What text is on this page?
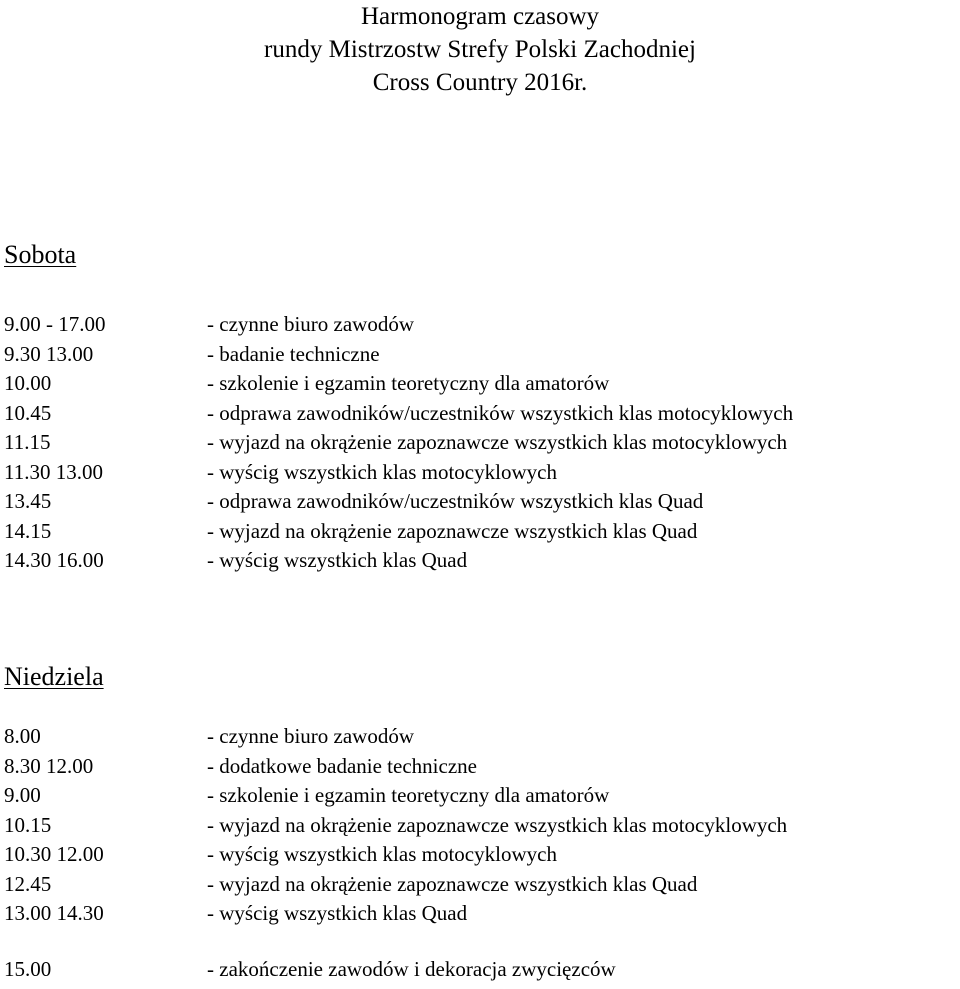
Harmonogram czasowy
rundy Mistrzostw Strefy Polski Zachodniej
Cross Country 2016r.
Sobota
9.00 - 17.00	- czynne biuro zawodów
9.30 13.00	- badanie techniczne
10.00	- szkolenie i egzamin teoretyczny dla amatorów
10.45	- odprawa zawodników/uczestników wszystkich klas motocyklowych
11.15	- wyjazd na okrążenie zapoznawcze wszystkich klas motocyklowych
11.30 13.00	- wyścig wszystkich klas motocyklowych
13.45	- odprawa zawodników/uczestników wszystkich klas Quad
14.15	- wyjazd na okrążenie zapoznawcze wszystkich klas Quad
14.30 16.00	- wyścig wszystkich klas Quad
Niedziela
8.00	- czynne biuro zawodów
8.30 12.00	- dodatkowe badanie techniczne
9.00	- szkolenie i egzamin teoretyczny dla amatorów
10.15	- wyjazd na okrążenie zapoznawcze wszystkich klas motocyklowych
10.30 12.00	- wyścig wszystkich klas motocyklowych
12.45	- wyjazd na okrążenie zapoznawcze wszystkich klas Quad
13.00 14.30	- wyścig wszystkich klas Quad
15.00	- zakończenie zawodów i dekoracja zwycięzców
